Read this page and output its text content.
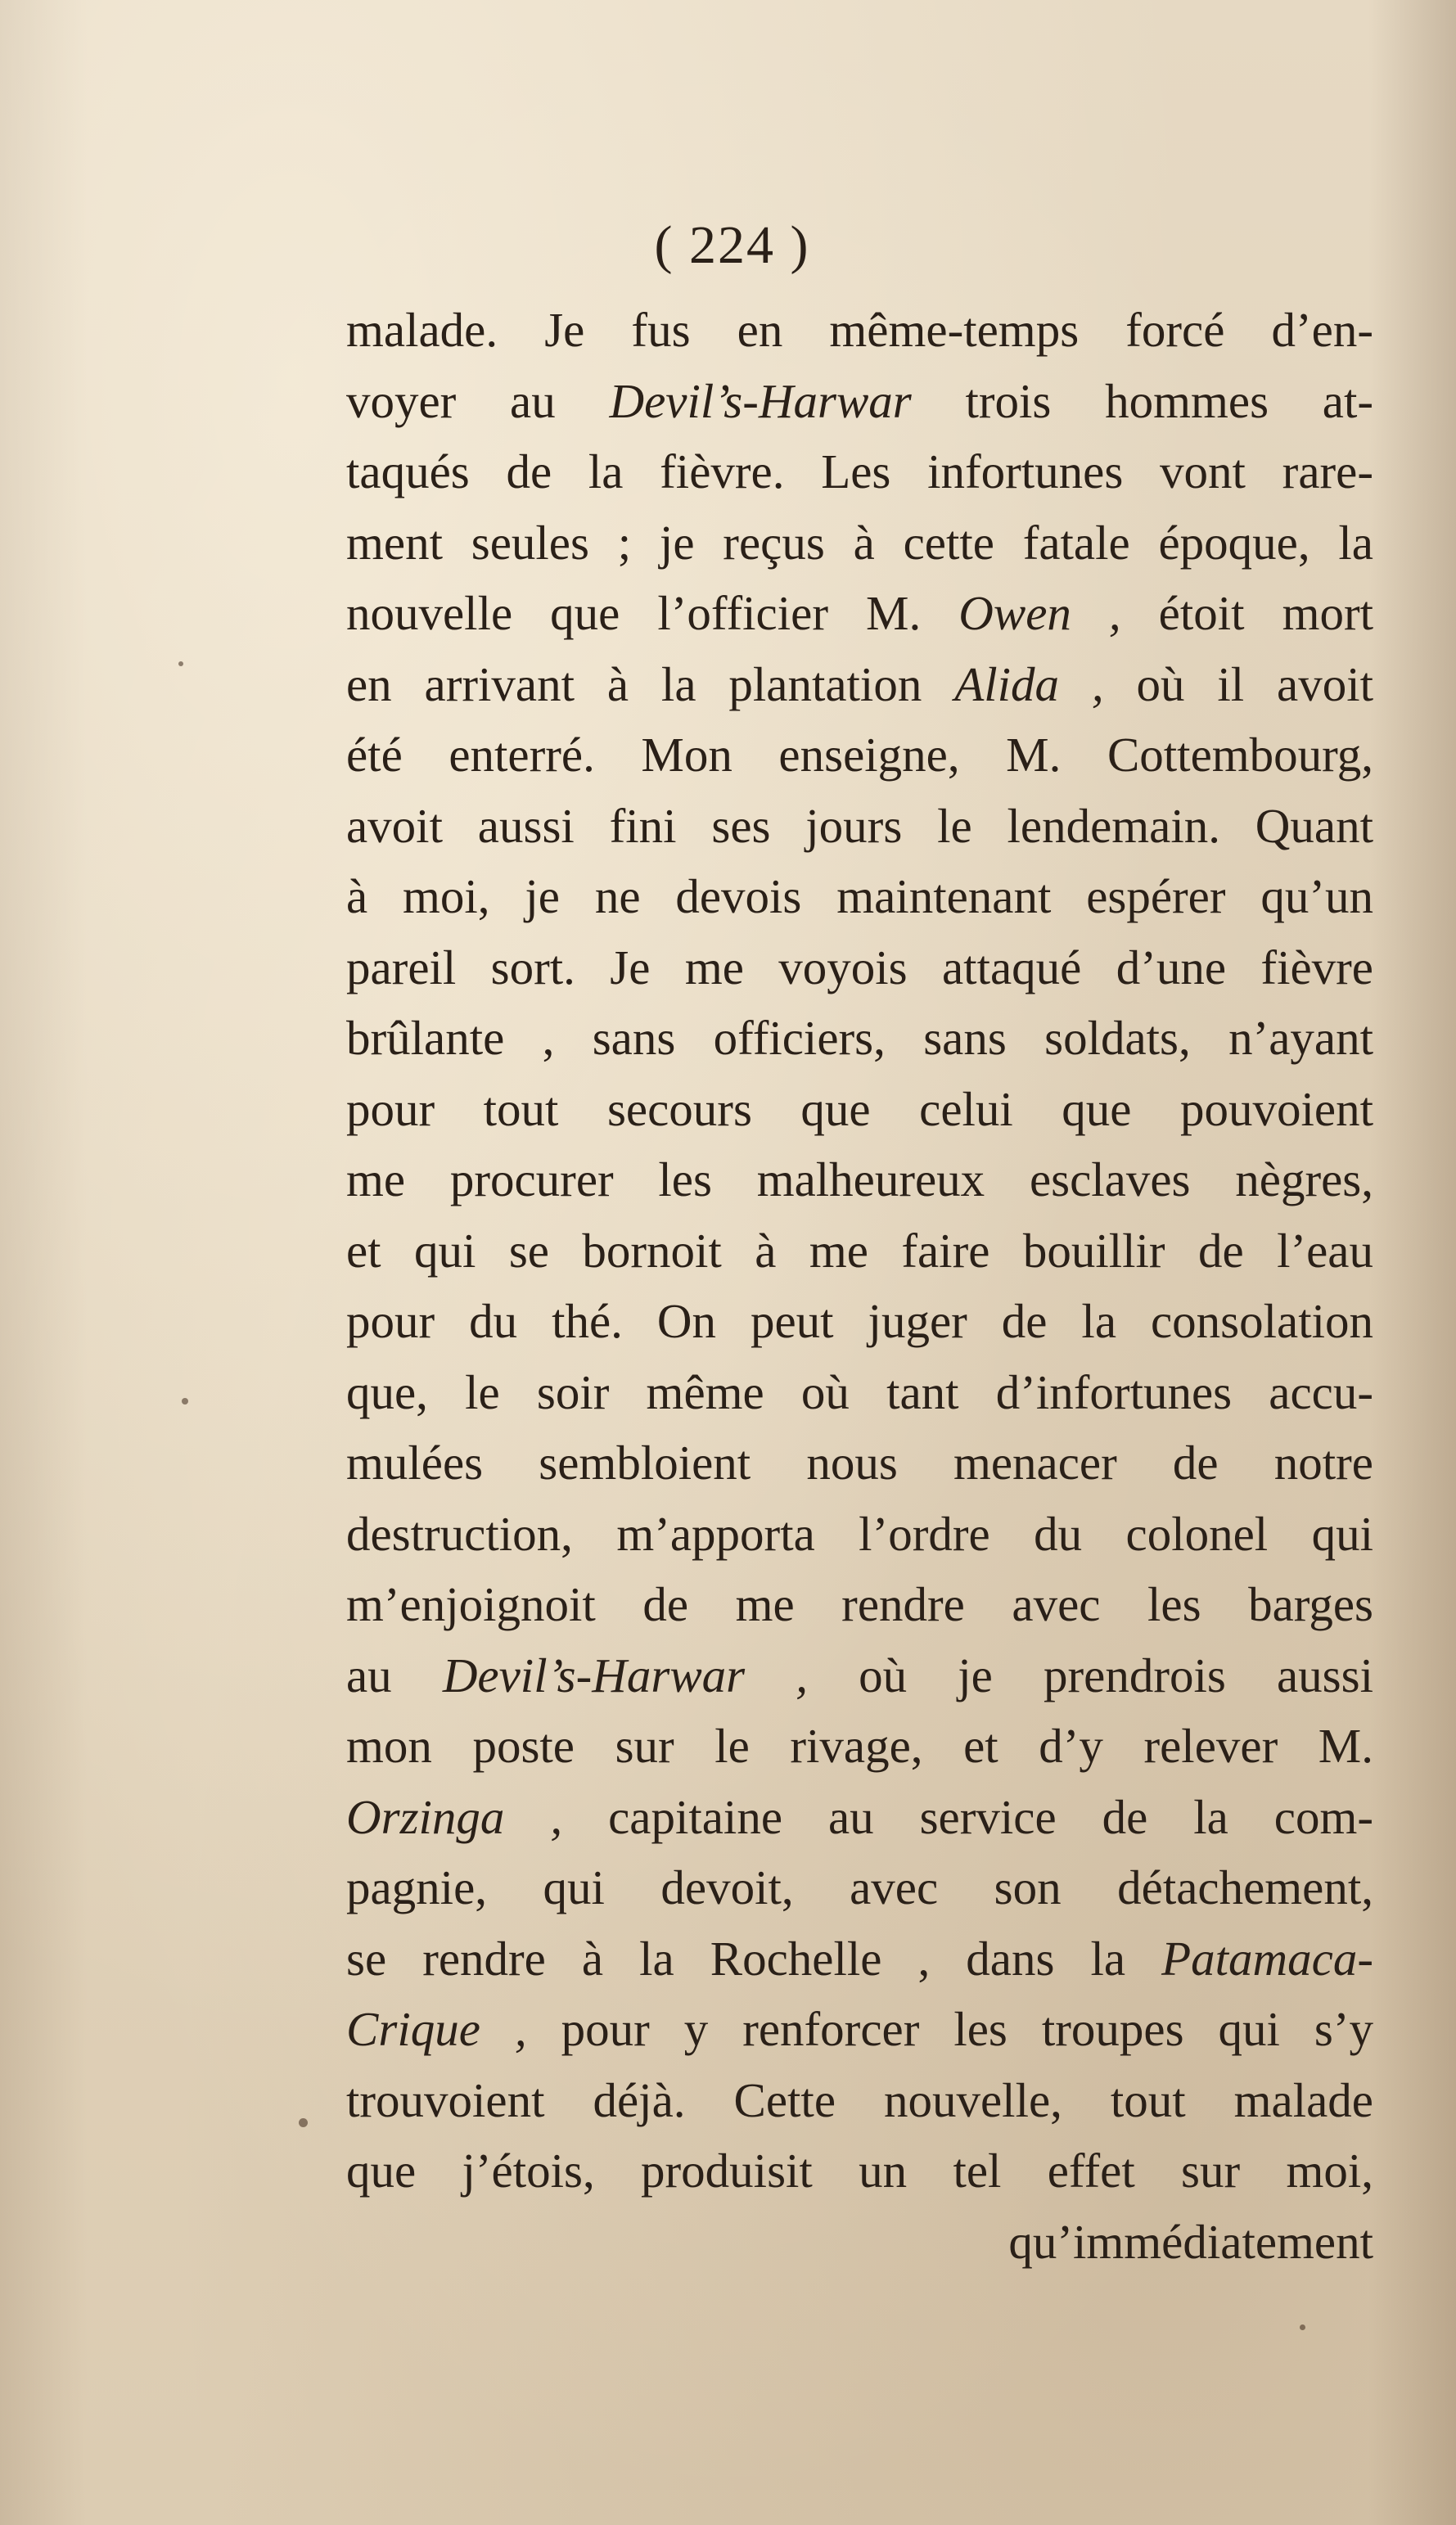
( 224 )
malade. Je fus en même-temps forcé d’en-
voyer au Devil’s-Harwar trois hommes at-
taqués de la fièvre. Les infortunes vont rare-
ment seules ; je reçus à cette fatale époque, la
nouvelle que l’officier M. Owen , étoit mort
en arrivant à la plantation Alida , où il avoit
été enterré. Mon enseigne, M. Cottembourg,
avoit aussi fini ses jours le lendemain. Quant
à moi, je ne devois maintenant espérer qu’un
pareil sort. Je me voyois attaqué d’une fièvre
brûlante , sans officiers, sans soldats, n’ayant
pour tout secours que celui que pouvoient
me procurer les malheureux esclaves nègres,
et qui se bornoit à me faire bouillir de l’eau
pour du thé. On peut juger de la consolation
que, le soir même où tant d’infortunes accu-
mulées sembloient nous menacer de notre
destruction, m’apporta l’ordre du colonel qui
m’enjoignoit de me rendre avec les barges
au Devil’s-Harwar , où je prendrois aussi
mon poste sur le rivage, et d’y relever M.
Orzinga , capitaine au service de la com-
pagnie, qui devoit, avec son détachement,
se rendre à la Rochelle , dans la Patamaca-
Crique , pour y renforcer les troupes qui s’y
trouvoient déjà. Cette nouvelle, tout malade
que j’étois, produisit un tel effet sur moi,
qu’immédiatement
